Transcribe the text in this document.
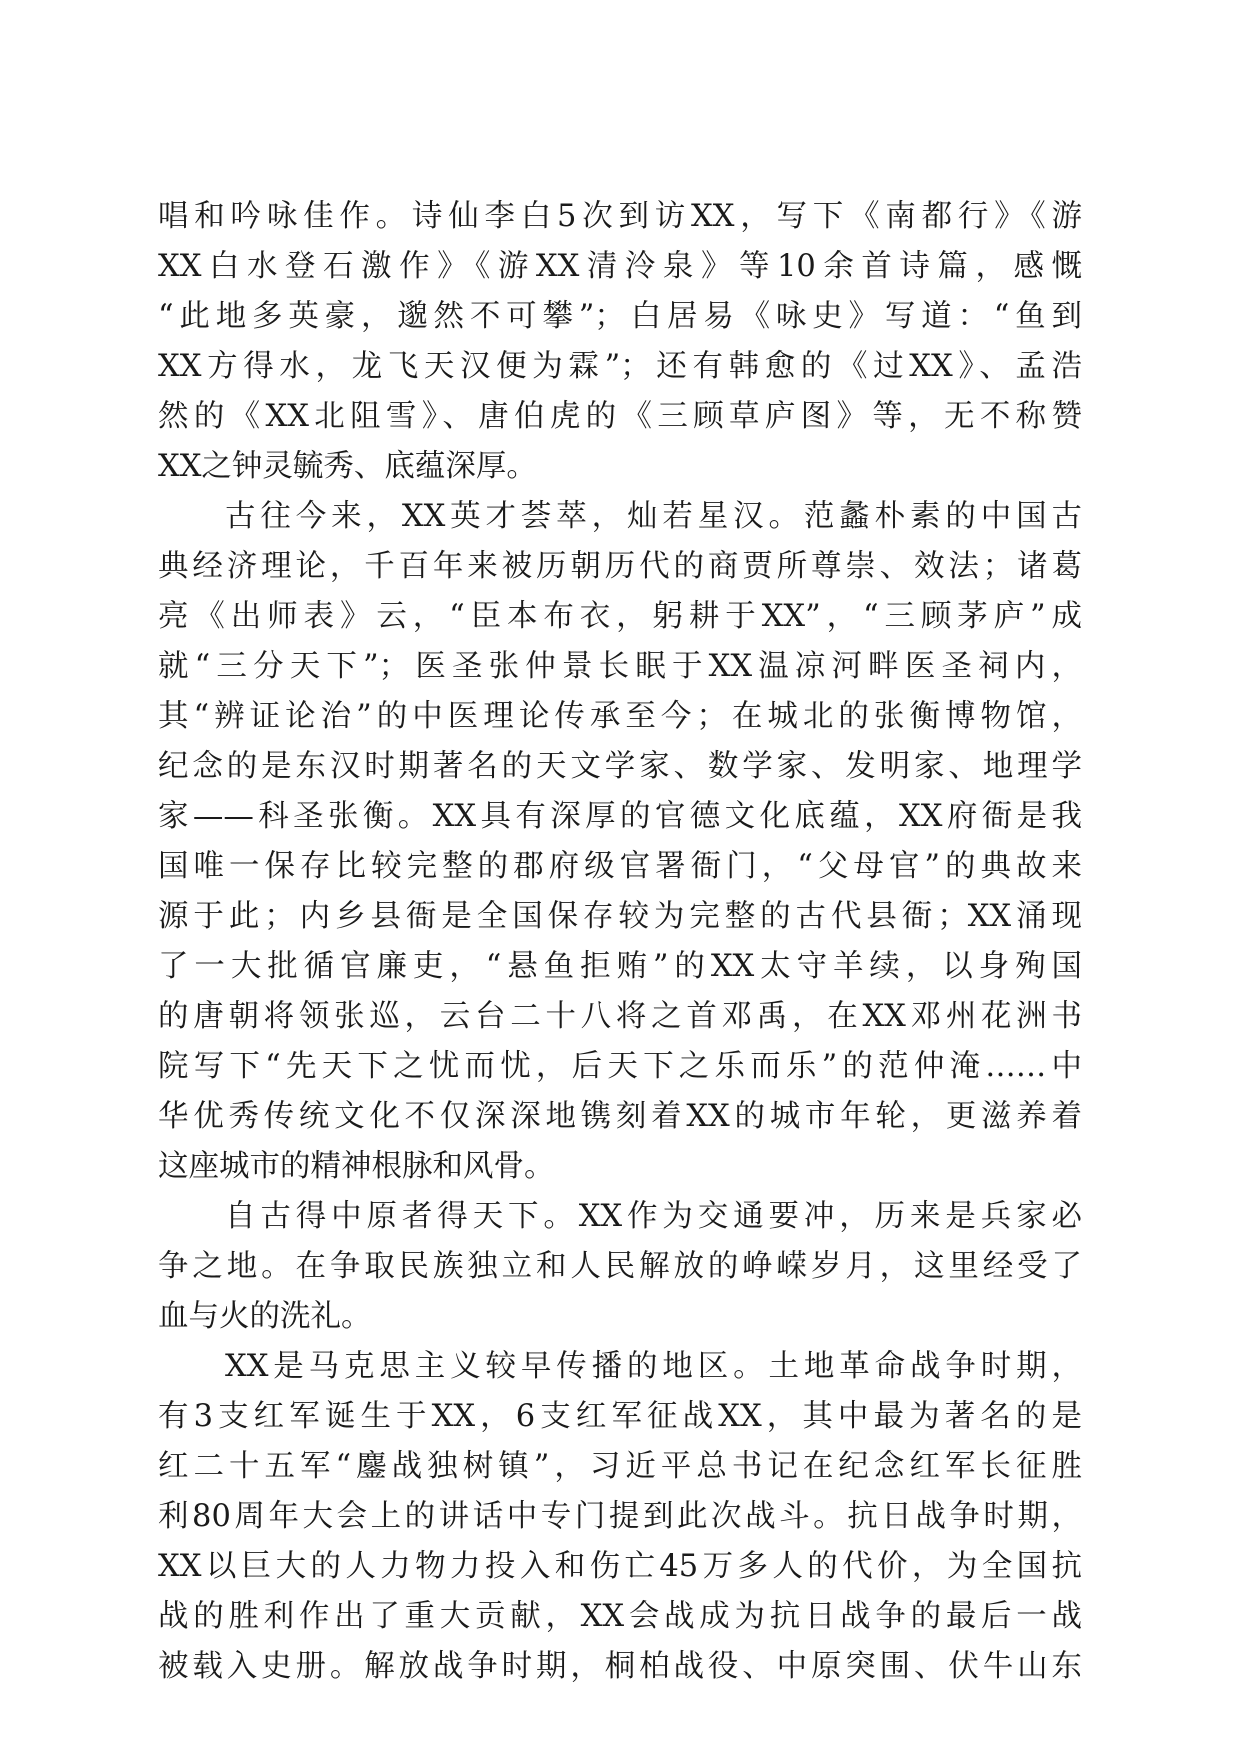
唱和吟咏佳作。诗仙李白5次到访XX，写下《南都行》《游
XX白水登石激作》《游XX清泠泉》等10余首诗篇，感慨
“此地多英豪，邈然不可攀”；白居易《咏史》写道：“鱼到
XX方得水，龙飞天汉便为霖”；还有韩愈的《过XX》、孟浩
然的《XX北阻雪》、唐伯虎的《三顾草庐图》等，无不称赞
XX之钟灵毓秀、底蕴深厚。
古往今来，XX英才荟萃，灿若星汉。范蠡朴素的中国古
典经济理论，千百年来被历朝历代的商贾所尊崇、效法；诸葛
亮《出师表》云，“臣本布衣，躬耕于XX”，“三顾茅庐”成
就“三分天下”；医圣张仲景长眠于XX温凉河畔医圣祠内，
其“辨证论治”的中医理论传承至今；在城北的张衡博物馆，
纪念的是东汉时期著名的天文学家、数学家、发明家、地理学
家——科圣张衡。XX具有深厚的官德文化底蕴，XX府衙是我
国唯一保存比较完整的郡府级官署衙门，“父母官”的典故来
源于此；内乡县衙是全国保存较为完整的古代县衙；XX涌现
了一大批循官廉吏，“悬鱼拒贿”的XX太守羊续，以身殉国
的唐朝将领张巡，云台二十八将之首邓禹，在XX邓州花洲书
院写下“先天下之忧而忧，后天下之乐而乐”的范仲淹……中
华优秀传统文化不仅深深地镌刻着XX的城市年轮，更滋养着
这座城市的精神根脉和风骨。
自古得中原者得天下。XX作为交通要冲，历来是兵家必
争之地。在争取民族独立和人民解放的峥嵘岁月，这里经受了
血与火的洗礼。
XX是马克思主义较早传播的地区。土地革命战争时期，
有3支红军诞生于XX，6支红军征战XX，其中最为著名的是
红二十五军“鏖战独树镇”，习近平总书记在纪念红军长征胜
利80周年大会上的讲话中专门提到此次战斗。抗日战争时期，
XX以巨大的人力物力投入和伤亡45万多人的代价，为全国抗
战的胜利作出了重大贡献，XX会战成为抗日战争的最后一战
被载入史册。解放战争时期，桐柏战役、中原突围、伏牛山东
